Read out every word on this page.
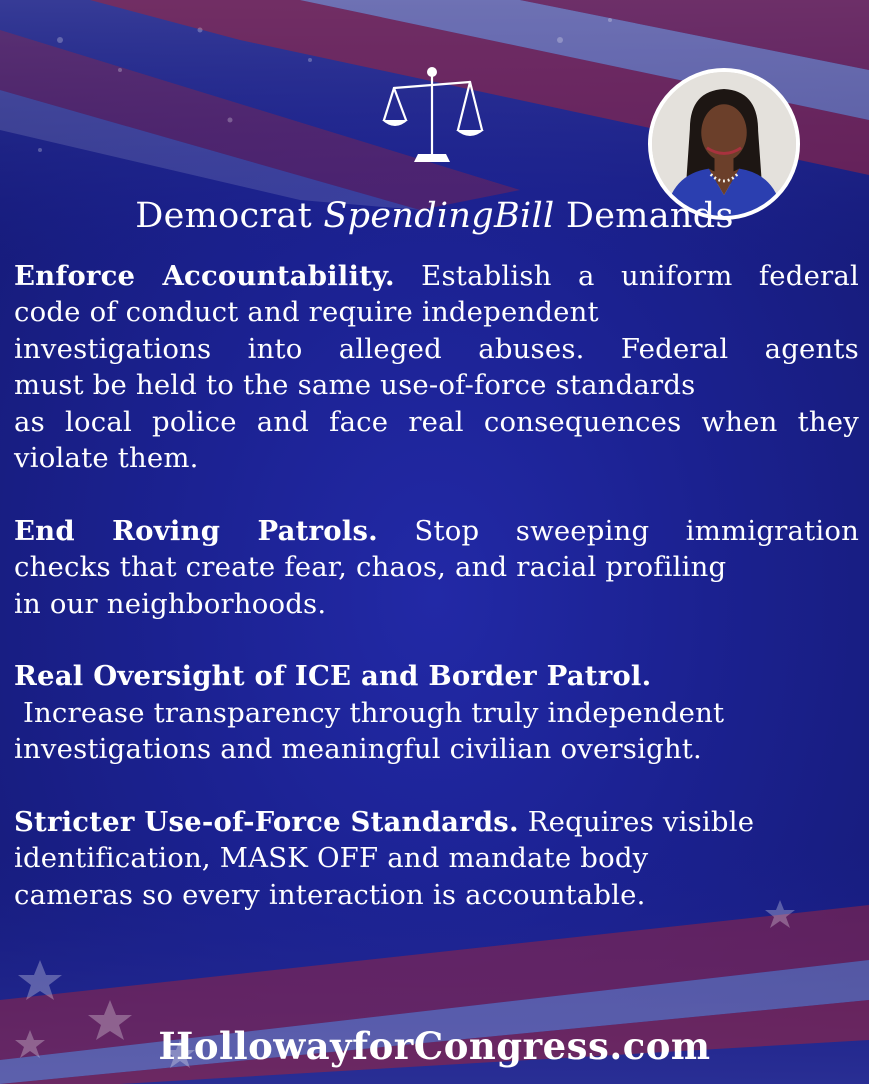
Democrat SpendingBill Demands
Enforce Accountability. Establish a uniform federal
code of conduct and require independent
investigations into alleged abuses. Federal agents
must be held to the same use-of-force standards
as local police and face real consequences when they
violate them.
End Roving Patrols. Stop sweeping immigration
checks that create fear, chaos, and racial profiling
in our neighborhoods.
Real Oversight of ICE and Border Patrol.
Increase transparency through truly independent
investigations and meaningful civilian oversight.
Stricter Use-of-Force Standards. Requires visible
identification, MASK OFF and mandate body
cameras so every interaction is accountable.
HollowayforCongress.com
